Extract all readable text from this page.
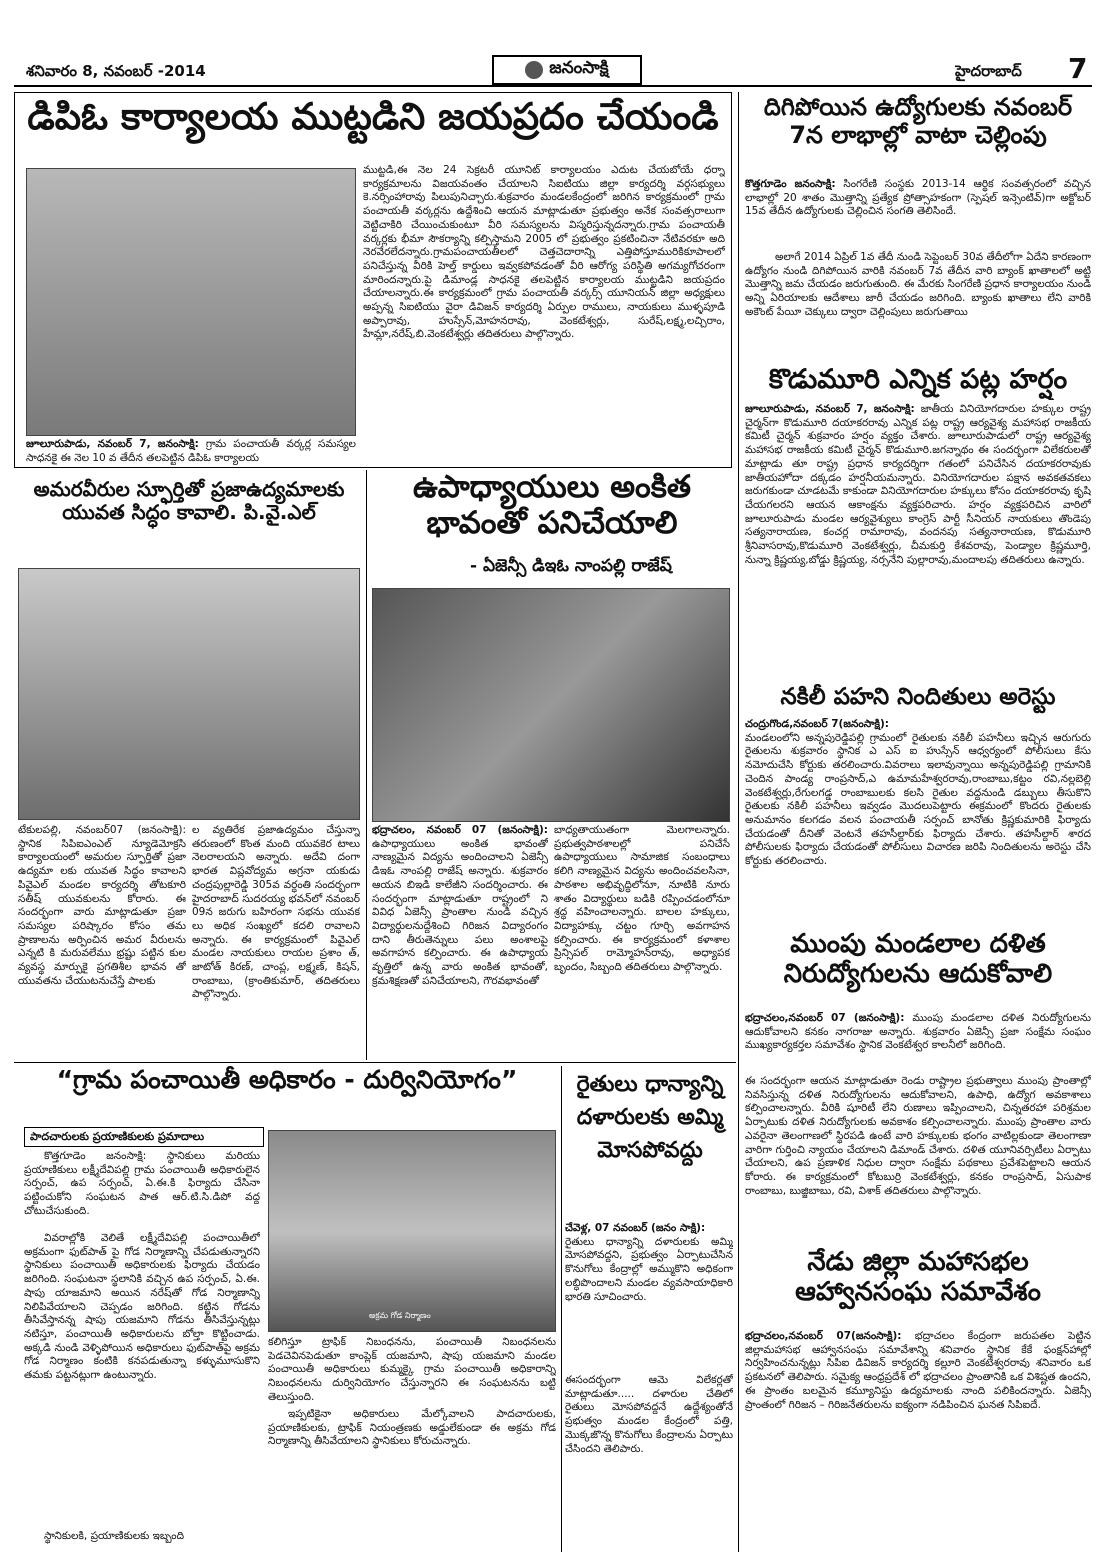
శనివారం 8, నవంబర్ -2014	జనంసాక్షి	హైదరాబాద్	7
డిపిఓ కార్యాలయ ముట్టడిని జయప్రదం చేయండి
ముట్టడి,ఈ నెల 24 సెక్రటరీ యూనిట్ కార్యాలయం ఎదుట చేయబోయే ధర్నా కార్యక్రమాలను విజయవంతం చేయాలని సిఐటియు జిల్లా కార్యదర్శి వర్గసభ్యులు కె.నర్సింహారావు పిలుపునిచ్చారు.శుక్రవారం మండలకేంద్రంలో జరిగిన కార్యక్రమంలో గ్రామ పంచాయతీ వర్కర్లను ఉద్దేశించి ఆయన మాట్లాడుతూ ప్రభుత్వం అనేక సంవత్సరాలుగా వెట్టిచాకిరి చేయించుకుంటూ వీరి సమస్యలను విస్మరిస్తున్నదన్నారు.గ్రామ పంచాయతీ వర్కర్లకు భీమా సౌకర్యాన్ని కల్పిస్తామని 2005 లో ప్రభుత్వం ప్రకటించినా నేటివరకూ అది నెరవేరలేదన్నారు.గ్రామపంచాయతీలలో చెత్తచెదారాన్ని ఎత్తిపోస్తూమురికికూపాలలో పనిచేస్తున్న వీరికి హెల్త్ కార్డులు ఇవ్వకపోవడంతో వీరి ఆరోగ్య పరిస్థితి అగమ్యగోచరంగా మారిందన్నారు.పై డిమాండ్ల సాధనకై తలపెట్టిన కార్యాలయ ముట్టడిని జయప్రదం చేయాలన్నారు.ఈ కార్యక్రమంలో గ్రామ పంచాయతీ వర్కర్స్ యూనియన్ జిల్లా అధ్యక్షులు అప్పన్న సిఐటియు వైరా డివిజన్ కార్యదర్శి ఏర్పుల రాములు, నాయకులు ముళ్ళపూడి అప్పారావు, హుస్సేన్,మోహనరావు, వెంకటేశ్వర్లు, సురేష్,లక్ష్మ,లచ్చిరాం, హేమ్లా,నరేష్,బి.వెంకటేశ్వర్లు తదితరులు పాల్గొన్నారు.
జూలూరుపాడు, నవంబర్ 7, జనంసాక్షి: గ్రామ పంచాయతీ వర్కర్ల సమస్యల సాధనకై ఈ నెల 10 వ తేదీన తలపెట్టిన డిపిఓ కార్యాలయ
దిగిపోయిన ఉద్యోగులకు నవంబర్ 7న లాభాల్లో వాటా చెల్లింపు
కొత్తగూడెం జనంసాక్షి: సింగరేణి సంస్థకు 2013-14 ఆర్థిక సంవత్సరంలో వచ్చిన లాభాల్లో 20 శాతం మొత్తాన్ని ప్రత్యేక ప్రోత్సాహకంగా (స్పెషల్ ఇన్సెంటివ్)గా అక్టోబర్ 15వ తేదీన ఉద్యోగులకు చెల్లించిన సంగతి తెలిసిందే.
అలాగే 2014 ఏప్రిల్ 1వ తేదీ నుండి సెప్టెంబర్ 30వ తేదీలోగా ఏదేని కారణంగా ఉద్యోగం నుండి దిగిపోయిన వారికి నవంబర్ 7వ తేదీన వారి బ్యాంక్ ఖాతాలలో అట్టి మొత్తాన్ని జమ చేయడం జరుగుతుంది. ఈ మేరకు సింగరేణి ప్రధాన కార్యాలయం నుండి అన్ని ఏరియాలకు ఆదేశాలు జారీ చేయడం జరిగింది. బ్యాంకు ఖాతాలు లేని వారికి అకౌంట్ పేయీ చెక్కులు ద్వారా చెల్లింపులు జరుగుతాయి
కొడుమూరి ఎన్నిక పట్ల హర్షం
జూలూరుపాడు, నవంబర్ 7, జనంసాక్షి: జాతీయ వినియోగదారుల హక్కుల రాష్ట్ర చైర్మన్‌గా కొడుమూరి దయాకరరావు ఎన్నిక పట్ల రాష్ట్ర ఆర్యవైశ్య మహాసభ రాజకీయ కమిటీ చైర్మన్ శుక్రవారం హర్షం వ్యక్తం చేశారు. జూలూరుపాడులో రాష్ట్ర ఆర్యవైశ్య మహాసభ రాజకీయ కమిటీ చైర్మన్ కొడుమూరి.జగన్నాథం ఈ సందర్భంగా విలేకరులతో మాట్లాడు తూ రాష్ట్ర ప్రధాన కార్యదర్శిగా గతంలో పనిచేసిన దయాకరరావుకు జాతీయహోదా దక్కడం హర్షనీయమన్నారు. వినియోగదారుల పక్షాన అవకతవకలు జరుగకుండా చూడటమే కాకుండా వినియోగదారుల హక్కులు కోసం దయాకరరావు కృషి చేయగలరని ఆయన ఆకాంక్షను వ్యక్తపరిచారు. హర్షం వ్యక్తపరిచిన వారిలో జూలూరుపాడు మండల ఆర్యవైశ్యులు కాంగ్రెస్ పార్టీ సీనియర్ నాయకులు తొండెపు సత్యనారాయణ, కంచర్ల రామారావు, వందనపు సత్యనారాయణ, కొడుమూరి శ్రీనివాసరావు,కొడుమూరి వెంకటేశ్వర్లు, చీమకుర్తి కేశవరావు, పెండ్యాల క్రిష్ణమూర్తి, నున్నా క్రిష్ణయ్య,బోడ్డు క్రిష్ణయ్య, నర్సనేని పుల్లారావు,మందాలపు తదితరులు ఉన్నారు.
నకిలీ పహని నిందితులు అరెస్టు
చంద్రుగొండ,నవంబర్ 7(జనంసాక్షి):
మండలంలోని అన్నపురెడ్డిపల్లి గ్రామంలో రైతులకు నకిలీ పహనీలు ఇచ్చిన ఆరుగురు రైతులను శుక్రవారం స్థానిక ఎ ఎస్ ఐ హుస్సేన్ ఆధ్వర్యంలో పోలీసులు కేసు నమోదుచేసి కోర్టుకు తరలించారు.వివరాలు ఇలావున్నాయి అన్నపురెడ్డిపల్లి గ్రామానికి చెందిన పాండ్య రాంప్రసాద్,ఎ ఉమామహేశ్వరరావు,రాంబాబు,కట్టం రవి,నల్లబెల్లి వెంకటేశ్వర్లు,రేగులగడ్డ రాంబాబులకు కలసి రైతుల వద్దనుండి డబ్బులు తీసుకొని రైతులకు నకిలీ పహనీలు ఇవ్వడం మొదలుపెట్టారు ఈక్రమంలో కొందరు రైతులకు అనుమానం కలగడం వలన పంచాయతీ సర్పంచ్ బానోతు క్రిష్ణకుమారికి ఫిర్యాదు చేయడంతో దీనితో వెంటనే తహసీల్దార్‌కు ఫిర్యాదు చేశారు. తహసీల్దార్ శారద పోలీసులకు ఫిర్యాదు చేయడంతో పోలీసులు విచారణ జరిపి నిందితులను అరెస్టు చేసి కోర్టుకు తరలించారు.
ముంపు మండలాల దళిత నిరుద్యోగులను ఆదుకోవాలి
భద్రాచలం,నవంబర్ 07 (జనంసాక్షి): ముంపు మండలాల దళిత నిరుద్యోగులను ఆదుకోవాలని కనకం నాగరాజు అన్నారు. శుక్రవారం ఏజెన్సీ ప్రజా సంక్షేమ సంఘం ముఖ్యకార్యకర్తల సమావేశం స్థానిక వెంకటేశ్వర కాలనీలో జరిగింది.
ఈ సందర్భంగా ఆయన మాట్లాడుతూ రెండు రాష్ట్రాల ప్రభుత్వాలు ముంపు ప్రాంతాల్లో నివసిస్తున్న దళిత నిరుద్యోగులను ఆదుకోవాలని, ఉపాధి, ఉద్యోగ అవకాశాలు కల్పించాలన్నారు. వీరికి షూరిటీ లేని రుణాలు ఇప్పించాలని, చిన్నతరహా పరిశ్రమల ఏర్పాటుకు దళిత నిరుద్యోగులకు అవకాశం కల్పించాలన్నారు. ముంపు ప్రాంతాల వారు ఎవరైనా తెలంగాణలో స్థిరపడి ఉంటే వారి హక్కులకు భంగం వాటిల్లకుండా తెలంగాణా వారిగా గుర్తించి న్యాయం చేయాలని డిమాండ్ చేశారు. దళిత యూనివర్సిటీలు ఏర్పాటు చేయాలని, ఉప ప్రణాళిక నిధుల ద్వారా సంక్షేమ పథకాలు ప్రవేశపెట్టాలని ఆయన కోరారు. ఈ కార్యక్రమంలో కోటబుర్రి వెంకటేశ్వర్లు, కనకం రాంప్రసాద్, ఏసుపాక రాంబాబు, బుజ్జిబాబు, రవి, విశాక్ తదితరులు పాల్గొన్నారు.
నేడు జిల్లా మహాసభల ఆహ్వానసంఘ సమావేశం
భద్రాచలం,నవంబర్ 07(జనంసాక్షి): భద్రాచలం కేంద్రంగా జరుపతల పెట్టిన జిల్లామహాసభ ఆహ్వానసంఘ సమావేశాన్ని శనివారం స్థానిక కేకే ఫంక్షన్‌హాల్లో నిర్వహించనున్నట్లు సిపిఐ డివిజన్ కార్యదర్శి కల్లూరి వెంకటేశ్వరరావు శనివారం ఒక ప్రకటనలో తెలిపారు. సమైక్య ఆంధ్రప్రదేశ్ లో భద్రాచలం ప్రాంతానికి ఒక విశిష్టత ఉందని, ఈ ప్రాంతం బలమైన కమ్యూనిస్టు ఉద్యమాలకు నాంది పలికిందన్నారు. ఏజెన్సీ ప్రాంతంలో గిరిజన – గిరిజనేతరులను ఐక్యంగా నడిపించిన ఘనత సిపిఐదే.
అమరవీరుల స్ఫూర్తితో ప్రజాఉద్యమాలకు యువత సిద్ధం కావాలి. పి.వై.ఎల్
టేకులపల్లి, నవంబర్07 (జనంసాక్షి): స్థానిక సిపిఐఎంఎల్ న్యూడెమోక్రసి కార్యాలయంలో అమరుల స్ఫూర్తితో ప్రజా ఉద్యమా లకు యువత సిద్ధం కావాలని పివైఎల్ మండల కార్యదర్శి తోటకూరి సతీష్ యువకులను కోరారు. ఈ సందర్భంగా వారు మాట్లాడుతూ ప్రజా సమస్యల పరిష్కారం కోసం తమ ప్రాణాలను అర్పించిన అమర వీరులను ఎన్నటి కి మరువలేము భ్రష్టు పట్టిన కుల వ్యవస్థ మార్పుకై ప్రగతిశీల భావన తో యువతను చేయుటనుచేస్తే పాలకు
ల వ్యతిరేక ప్రజాఉద్యమం చేస్తున్నా తరుణంలో కొంత మంది యువకెర టాలు నెలరాలయని అన్నారు. అదేవి దంగా భారత విప్లవోద్యమ అగ్రనా యకుడు చంద్రపుల్లారెడ్డి 305వ వర్ధంతి సందర్భంగా హైదరాబాద్ సుదరయ్య భవన్‌లో నవంబర్ 09న జరుగు బహిరంగా సభను యువక లు అధిక సంఖ్యలో కదలి రావాలని అన్నారు. ఈ కార్యక్రమంలో పివైఎల్ మండల నాయకులు రాయల ప్రశాం త్, జాటోత్ కిరణ్, చాంప్ల, లక్ష్మణ్, కిషన్, రాంబాబు, (క్రాంతికుమార్, తదితరులు పాల్గొన్నారు.
ఉపాధ్యాయులు అంకిత భావంతో పనిచేయాలి
- ఏజెన్సీ డిఇఓ నాంపల్లి రాజేష్
భద్రాచలం, నవంబర్ 07 (జనంసాక్షి): ఉపాధ్యాయులు అంకిత భావంతో నాణ్యమైన విద్యను అందించాలని ఏజెన్సీ డిఇఓ నాంపల్లి రాజేష్ అన్నారు. శుక్రవారం ఆయన బిఇడి కాలేజీని సందర్శించారు. ఈ సందర్భంగా మాట్లాడుతూ రాష్ట్రంలో ని వివిధ ఏజెన్సీ ప్రాంతాల నుండి వచ్చిన విద్యార్థులనుద్దేశించి గిరిజన విద్యారంగం దాని తీరుతెన్నులు పలు అంశాలపై అవగాహన కల్పించారు. ఈ ఉపాధ్యాయ వృత్తిలో ఉన్న వారు అంకిత భావంతో, క్రమశిక్షణతో పనిచేయాలని, గౌరవభావంతో
బాధ్యతాయుతంగా మెలగాలన్నారు. ప్రభుత్వపాఠశాలల్లో పనిచేసే ఉపాధ్యాయులు సామాజిక సంబంధాలు కలిగి నాణ్యమైన విద్యను అందించవలసినా, పాఠశాల అభివృద్ధిలోనూ, నూటికి నూరు శాతం విద్యార్థులు బడికి రప్పించడంలోనూ శ్రద్ధ వహించాలన్నారు. బాలల హక్కులు, విద్యాహక్కు చట్టం గూర్చి అవగాహన కల్పించారు. ఈ కార్యక్రమంలో కళాశాల ప్రిన్సిపల్ రామ్మోహన్‌రావు, అధ్యాపక బృందం, సిబ్బంది తదితరులు పాల్గొన్నారు.
“గ్రామ పంచాయితీ అధికారం - దుర్వినియోగం”
పాదచారులకు ప్రయాణికులకు ప్రమాదాలు
కొత్తగూడెం జనంసాక్షి: స్థానికులు మరియు ప్రయాణికులు లక్ష్మీదేవిపల్లి గ్రామ పంచాయితీ అధికారులైన సర్పంచ్, ఉప సర్పంచ్, ఏ.ఈ.కి ఫిర్యాదు చేసినా పట్టించుకోని సంఘటన పాత ఆర్.టి.సి.డిపో వద్ద చోటుచేసుకుంది.
వివరాల్లోకి వెలితే లక్ష్మీదేవిపల్లి పంచాయితీలో అక్రమంగా ఫుట్‌పాత్ పై గోడ నిర్మాణాన్ని చేపడుతున్నారని స్థానికులు పంచాయితీ అధికారులకు ఫిర్యాదు చేయడం జరిగింది. సంఘటనా స్థలానికి వచ్చిన ఉప సర్పంచ్, ఏ.ఈ. షాపు యాజమాని అయిన నరేష్‌తో గోడ నిర్మాణాన్ని నిలిపివేయాలని చెప్పడం జరిగింది. కట్టిన గోడను తీసివేస్తానన్న షాపు యజమాని గోడను తీసివేస్తున్నట్లు నటిస్తూ, పంచాయితీ అధికారులను బోల్తా కొట్టించాడు. అక్కడి నుండి వెళ్ళిపోయిన అధికారులు ఫుట్‌పాత్‌పై అక్రమ గోడ నిర్మాణం కంటికి కనపడుతున్నా కళ్ళుమూసుకొని తమకు పట్టనట్లుగా ఉంటున్నారు.
స్థానికులకి, ప్రయాణికులకు ఇబ్బంది
అక్రమ గోడ నిర్మాణం
కలిగిస్తూ ట్రాఫిక్ నిబంధనను, పంచాయితీ నిబంధనలను పెడచెవినపెడుతూ కాంప్లెక్ యజమాని, షాపు యజమాని మండల పంచాయితీ అధికారులు కుమ్మక్కై గ్రామ పంచాయితీ అధికారాన్ని నిబంధనలను దుర్వినియోగం చేస్తున్నారని ఈ సంఘటనను బట్టి తెలుస్తుంది.
ఇప్పటికైనా అధికారులు మేల్కోవాలని పాదచారులకు, ప్రయాణికులకు, ట్రాఫిక్ నియంత్రణకు అడ్డులేకుండా ఈ అక్రమ గోడ నిర్మాణాన్ని తీసివేయాలని స్థానికులు కోరుచున్నారు.
రైతులు ధాన్యాన్ని దళారులకు అమ్మి మోసపోవద్దు
చేవెళ్ల, 07 నవంబర్ (జనం సాక్షి):
రైతులు ధాన్యాన్ని దళారులకు అమ్మి మోసపోవద్దని, ప్రభుత్వం ఏర్పాటుచేసిన కొనుగోలు కేంద్రాల్లో అమ్ముకొని అధికంగా లబ్ధిపొందాలని మండల వ్యవసాయాధికారి భారతి సూచించారు.
ఈసందర్భంగా ఆమె విలేకర్లతో మాట్లాడుతూ..... దళారుల చేతిలో రైతులు మోసపోవద్దనే ఉద్దేశ్యంతోనే ప్రభుత్వం మండల కేంద్రంలో పత్తి, మొక్కజొన్న కొనుగోలు కేంద్రాలను ఏర్పాటు చేసిందని తెలిపారు.
